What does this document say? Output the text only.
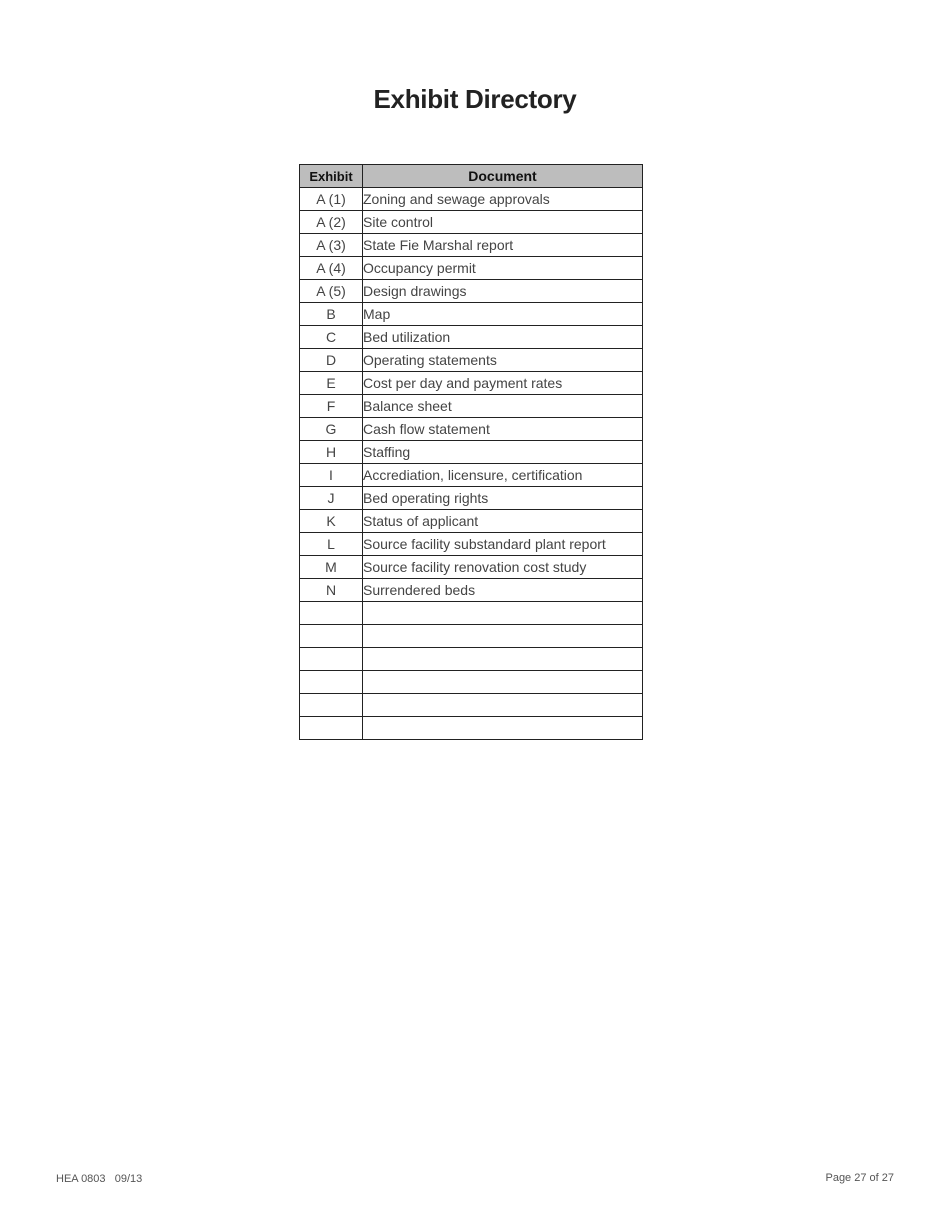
Exhibit Directory
Exhibit	Document
A (1)	Zoning and sewage approvals
A (2)	Site control
A (3)	State Fie Marshal report
A (4)	Occupancy permit
A (5)	Design drawings
B	Map
C	Bed utilization
D	Operating statements
E	Cost per day and payment rates
F	Balance sheet
G	Cash flow statement
H	Staffing
I	Accrediation, licensure, certification
J	Bed operating rights
K	Status of applicant
L	Source facility substandard plant report
M	Source facility renovation cost study
N	Surrendered beds

HEA 0803   09/13	Page 27 of 27
